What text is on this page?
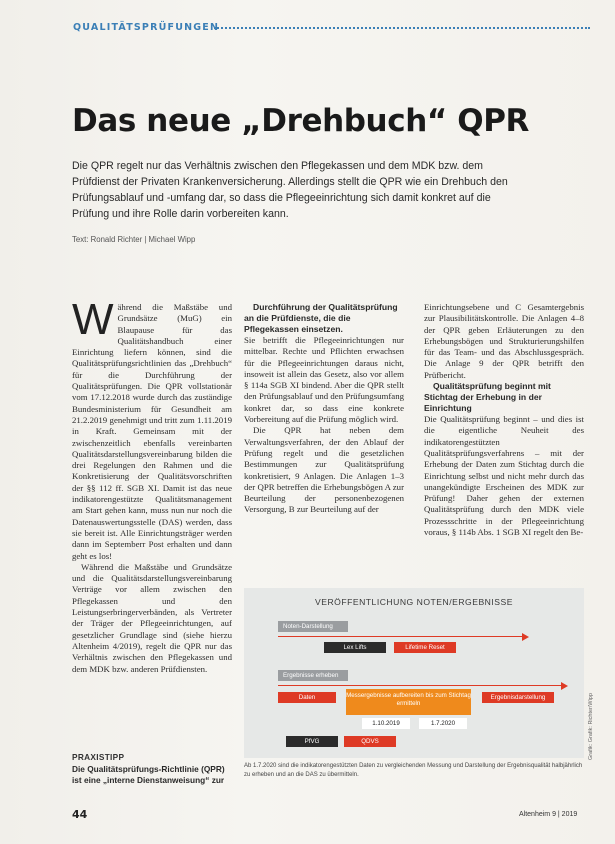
QUALITÄTSPRÜFUNGEN
Das neue „Drehbuch“ QPR
Die QPR regelt nur das Verhältnis zwischen den Pflegekassen und dem MDK bzw. dem Prüfdienst der Privaten Krankenversicherung. Allerdings stellt die QPR wie ein Drehbuch den Prüfungsablauf und -umfang dar, so dass die Pflegeeinrichtung sich damit konkret auf die Prüfung und ihre Rolle darin vorbereiten kann.
Text: Ronald Richter | Michael Wipp
W ährend die Maßstäbe und Grundsätze (MuG) ein Blaupause für das Qualitätshandbuch einer Einrichtung liefern können, sind die Qualitätsprüfungsrichtlinien das „Drehbuch“ für die Durchführung der Qualitätsprüfungen. Die QPR vollstationär vom 17.12.2018 wurde durch das zuständige Bundesministerium für Gesundheit am 21.2.2019 genehmigt und tritt zum 1.11.2019 in Kraft. Gemeinsam mit der zwischenzeitlich ebenfalls vereinbarten Qualitätsdarstellungsvereinbarung bilden die drei Regelungen den Rahmen und die Konkretisierung der Qualitätsvorschriften der §§ 112 ff. SGB XI. Damit ist das neue indikatorengestützte Qualitätsmanagement am Start gehen kann, muss nun nur noch die Datenauswertungsstelle (DAS) werden, dass sie bereit ist. Alle Einrichtungsträger werden dann im Septemberr Post erhalten und dann geht es los!

Während die Maßstäbe und Grundsätze und die Qualitätsdarstellungsvereinbarung Verträge vor allem zwischen den Pflegekassen und den Leistungserbringerverbänden, als Vertreter der Träger der Pflegeeinrichtungen, auf gesetzlicher Grundlage sind (siehe hierzu Altenheim 4/2019), regelt die QPR nur das Verhältnis zwischen den Pflegekassen und dem MDK bzw. anderen Prüfdiensten.

Durchführung der Qualitätsprüfung an die Prüfdienste, die die Pflegekassen einsetzen.

Sie betrifft die Pflegeeinrichtungen nur mittelbar. Rechte und Pflichten erwachsen für die Pflegeeinrichtungen daraus nicht, insoweit ist allein das Gesetz, also vor allem § 114a SGB XI bindend. Aber die QPR stellt den Prüfungsablauf und den Prüfungsumfang konkret dar, so dass eine konkrete Vorbereitung auf die Prüfung möglich wird.

Die QPR hat neben dem Verwaltungsverfahren, der den Ablauf der Prüfung regelt und die gesetzlichen Bestimmungen zur Qualitätsprüfung konkretisiert, 9 Anlagen. Die Anlagen 1–3 der QPR betreffen die Erhebungsbögen A zur Beurteilung der personenbezogenen Versorgung, B zur Beurteilung auf der

Einrichtungsebene und C Gesamtergebnis zur Plausibilitätskontrolle. Die Anlagen 4–8 der QPR geben Erläuterungen zu den Erhebungsbögen und Strukturierungshilfen für das Team- und das Abschlussgespräch. Die Anlage 9 der QPR betrifft den Prüfbericht.

Qualitätsprüfung beginnt mit Stichtag der Erhebung in der Einrichtung

Die Qualitätsprüfung beginnt – und dies ist die eigentliche Neuheit des indikatorengestützten Qualitätsprüfungsverfahrens – mit der Erhebung der Daten zum Stichtag durch die Einrichtung selbst und nicht mehr durch das unangekündigte Erscheinen des MDK zur Prüfung! Daher gehen der externen Qualitätsprüfung durch den MDK viele Prozessschritte in der Pflegeeinrichtung voraus, § 114b Abs. 1 SGB XI regelt den Be-

PRAXISTIPP
Die Qualitätsprüfungs-Richtlinie (QPR) ist eine „interne Dienstanweisung“ zur
VERÖFFENTLICHUNG NOTEN/ERGEBNISSE
Noten-Darstellung
Lex Lifts	Lifetime Reset
Ergebnisse erheben
Daten	Messergebnisse aufbereiten bis zum Stichtag ermitteln
Ergebnisdarstellung
1.10.2019	1.7.2020
PfVG	QDVS
Ab 1.7.2020 sind die indikatorengestützten Daten zu vergleichenden Messung und Darstellung der Ergebnisqualität halbjährlich zu erheben und an die DAS zu übermitteln.
Grafik: Grafik: Richter/Wipp
44	Altenheim 9 | 2019
